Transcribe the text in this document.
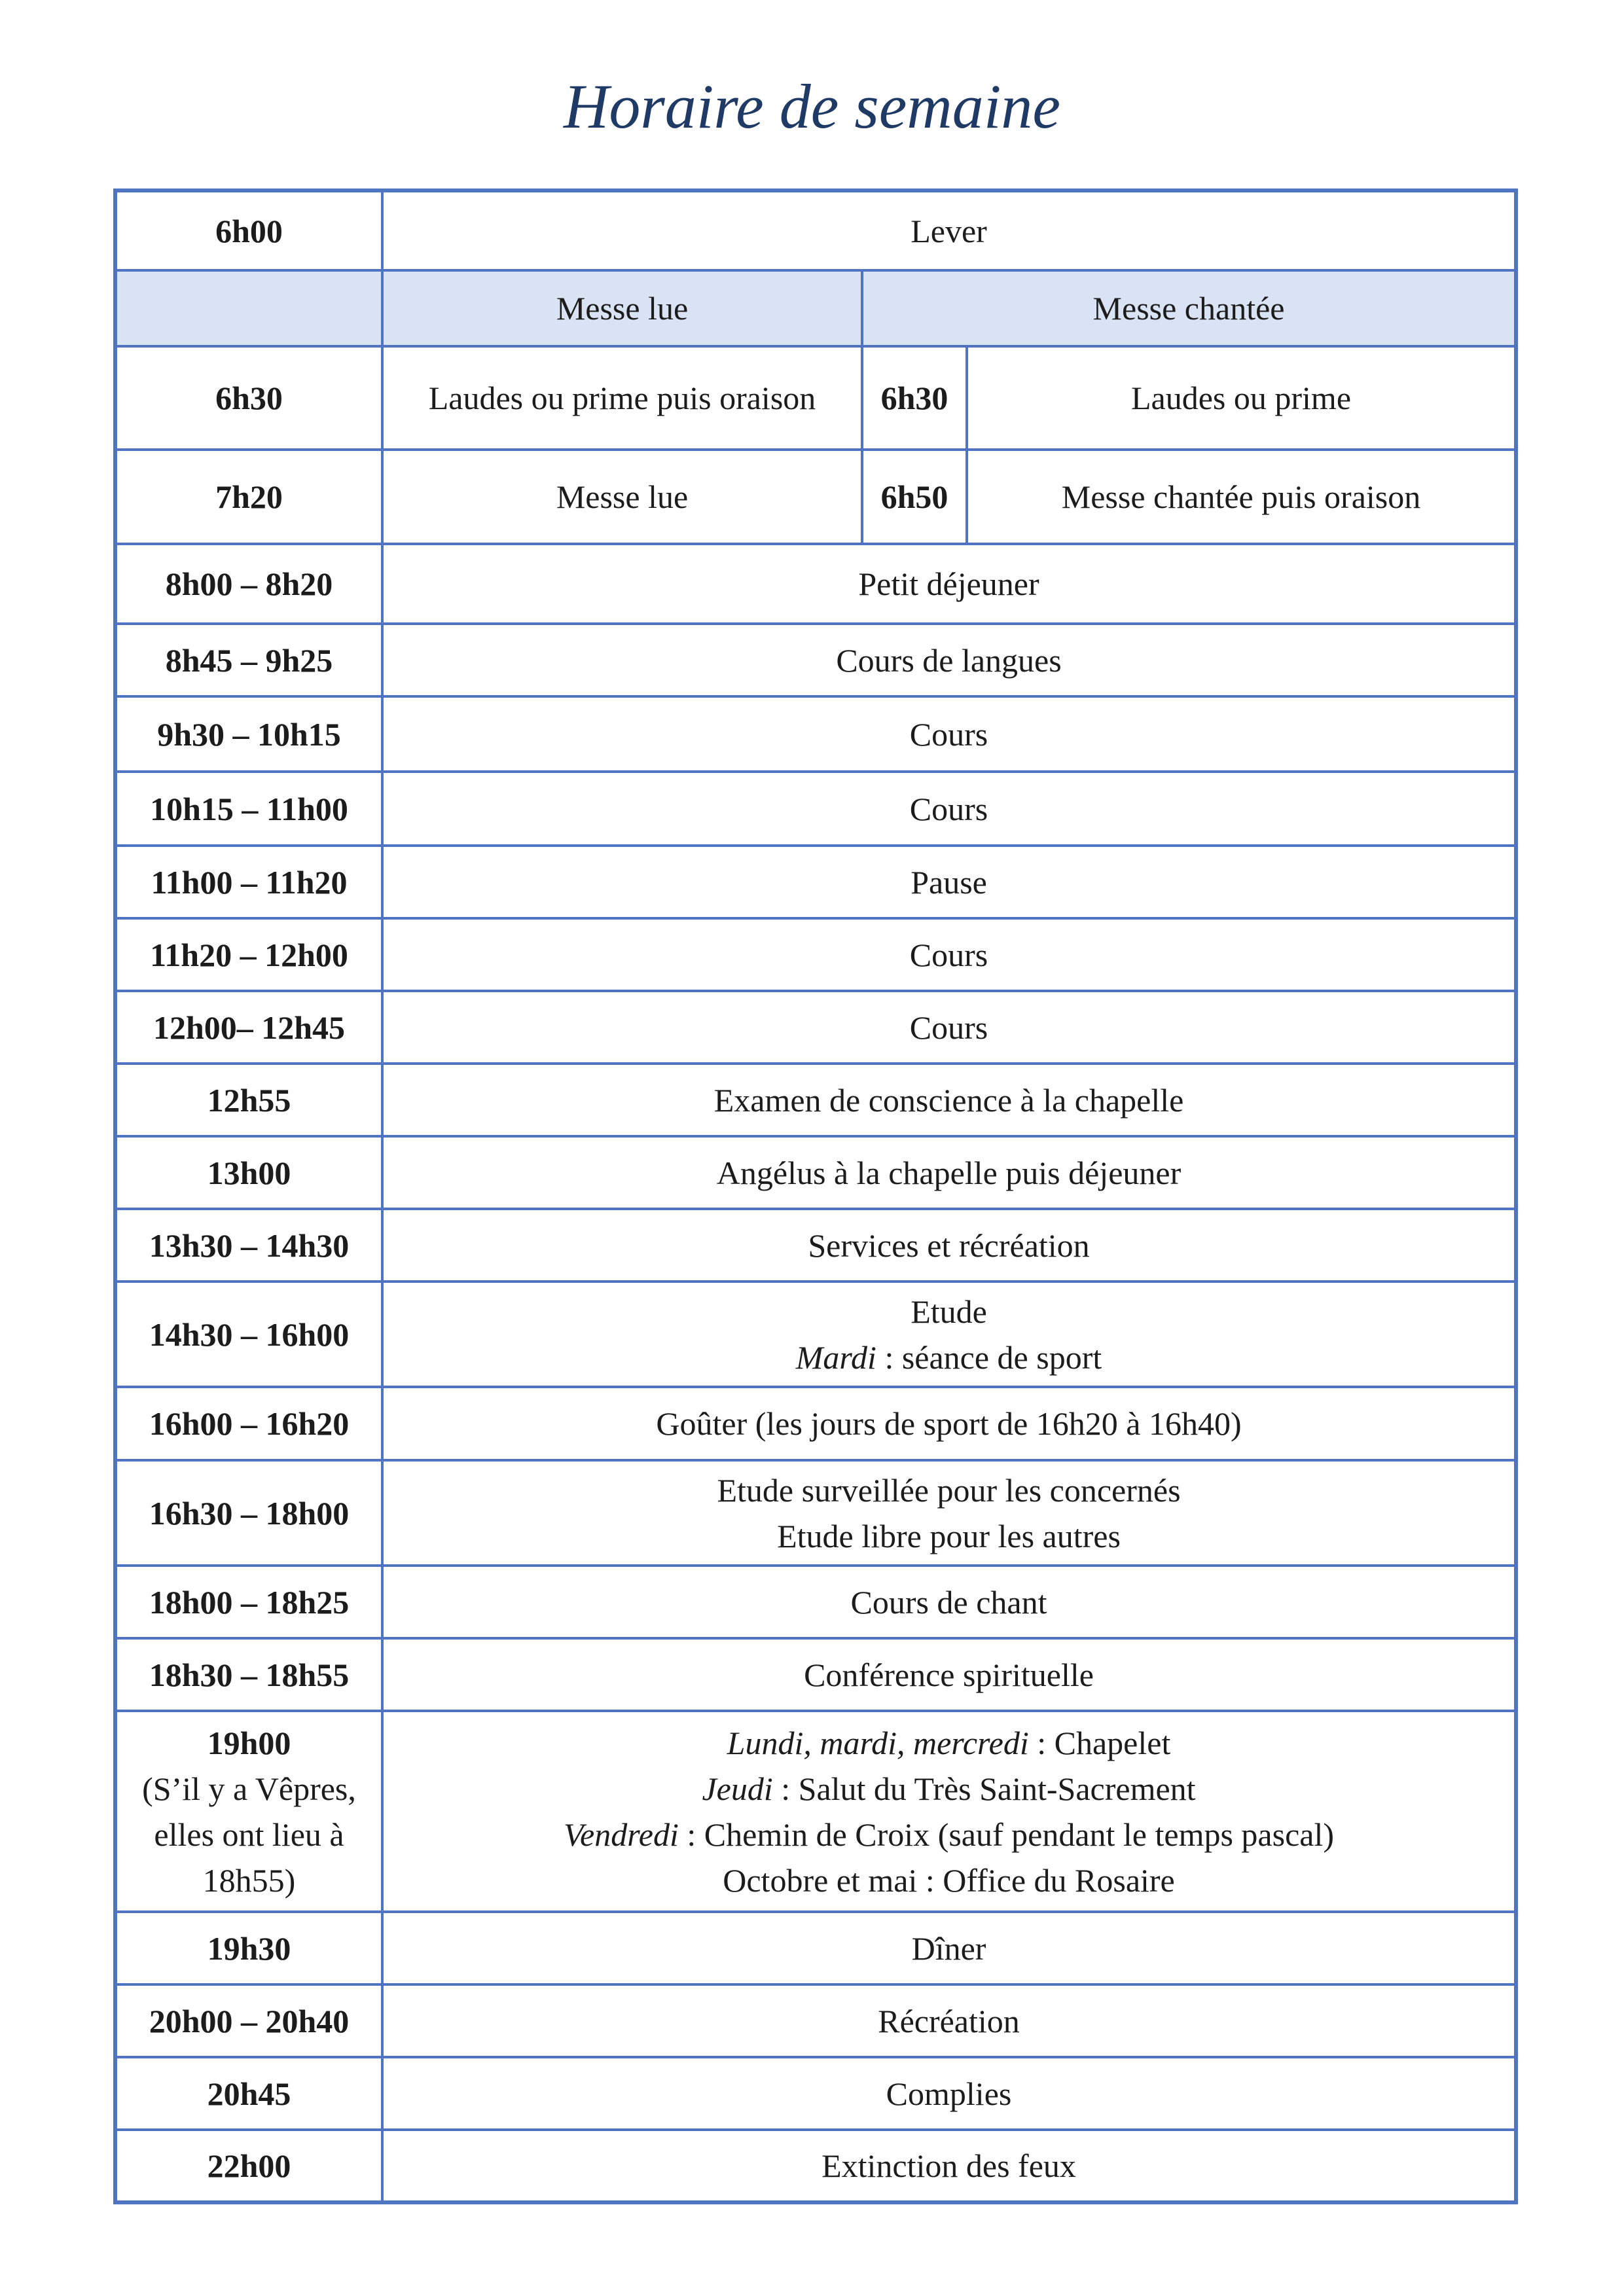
Horaire de semaine
6h00	Lever		
	Messe lue	Messe chantée	
6h30	Laudes ou prime puis oraison	6h30	Laudes ou prime
7h20	Messe lue	6h50	Messe chantée puis oraison
8h00 – 8h20	Petit déjeuner		
8h45 – 9h25	Cours de langues		
9h30 – 10h15	Cours		
10h15 – 11h00	Cours		
11h00 – 11h20	Pause		
11h20 – 12h00	Cours		
12h00– 12h45	Cours		
12h55	Examen de conscience à la chapelle		
13h00	Angélus à la chapelle puis déjeuner		
13h30 – 14h30	Services et récréation		
14h30 – 16h00	Etude
Mardi : séance de sport		

16h00 – 16h20	Goûter (les jours de sport de 16h20 à 16h40)		
16h30 – 18h00	Etude surveillée pour les concernés
Etude libre pour les autres		

18h00 – 18h25	Cours de chant		
18h30 – 18h55	Conférence spirituelle		

19h00
(S’il y a Vêpres,
elles ont lieu à
18h55)	Lundi, mardi, mercredi : Chapelet
Jeudi : Salut du Très Saint-Sacrement
Vendredi : Chemin de Croix (sauf pendant le temps pascal)
Octobre et mai : Office du Rosaire		

19h30	Dîner		
20h00 – 20h40	Récréation		
20h45	Complies		
22h00	Extinction des feux		
